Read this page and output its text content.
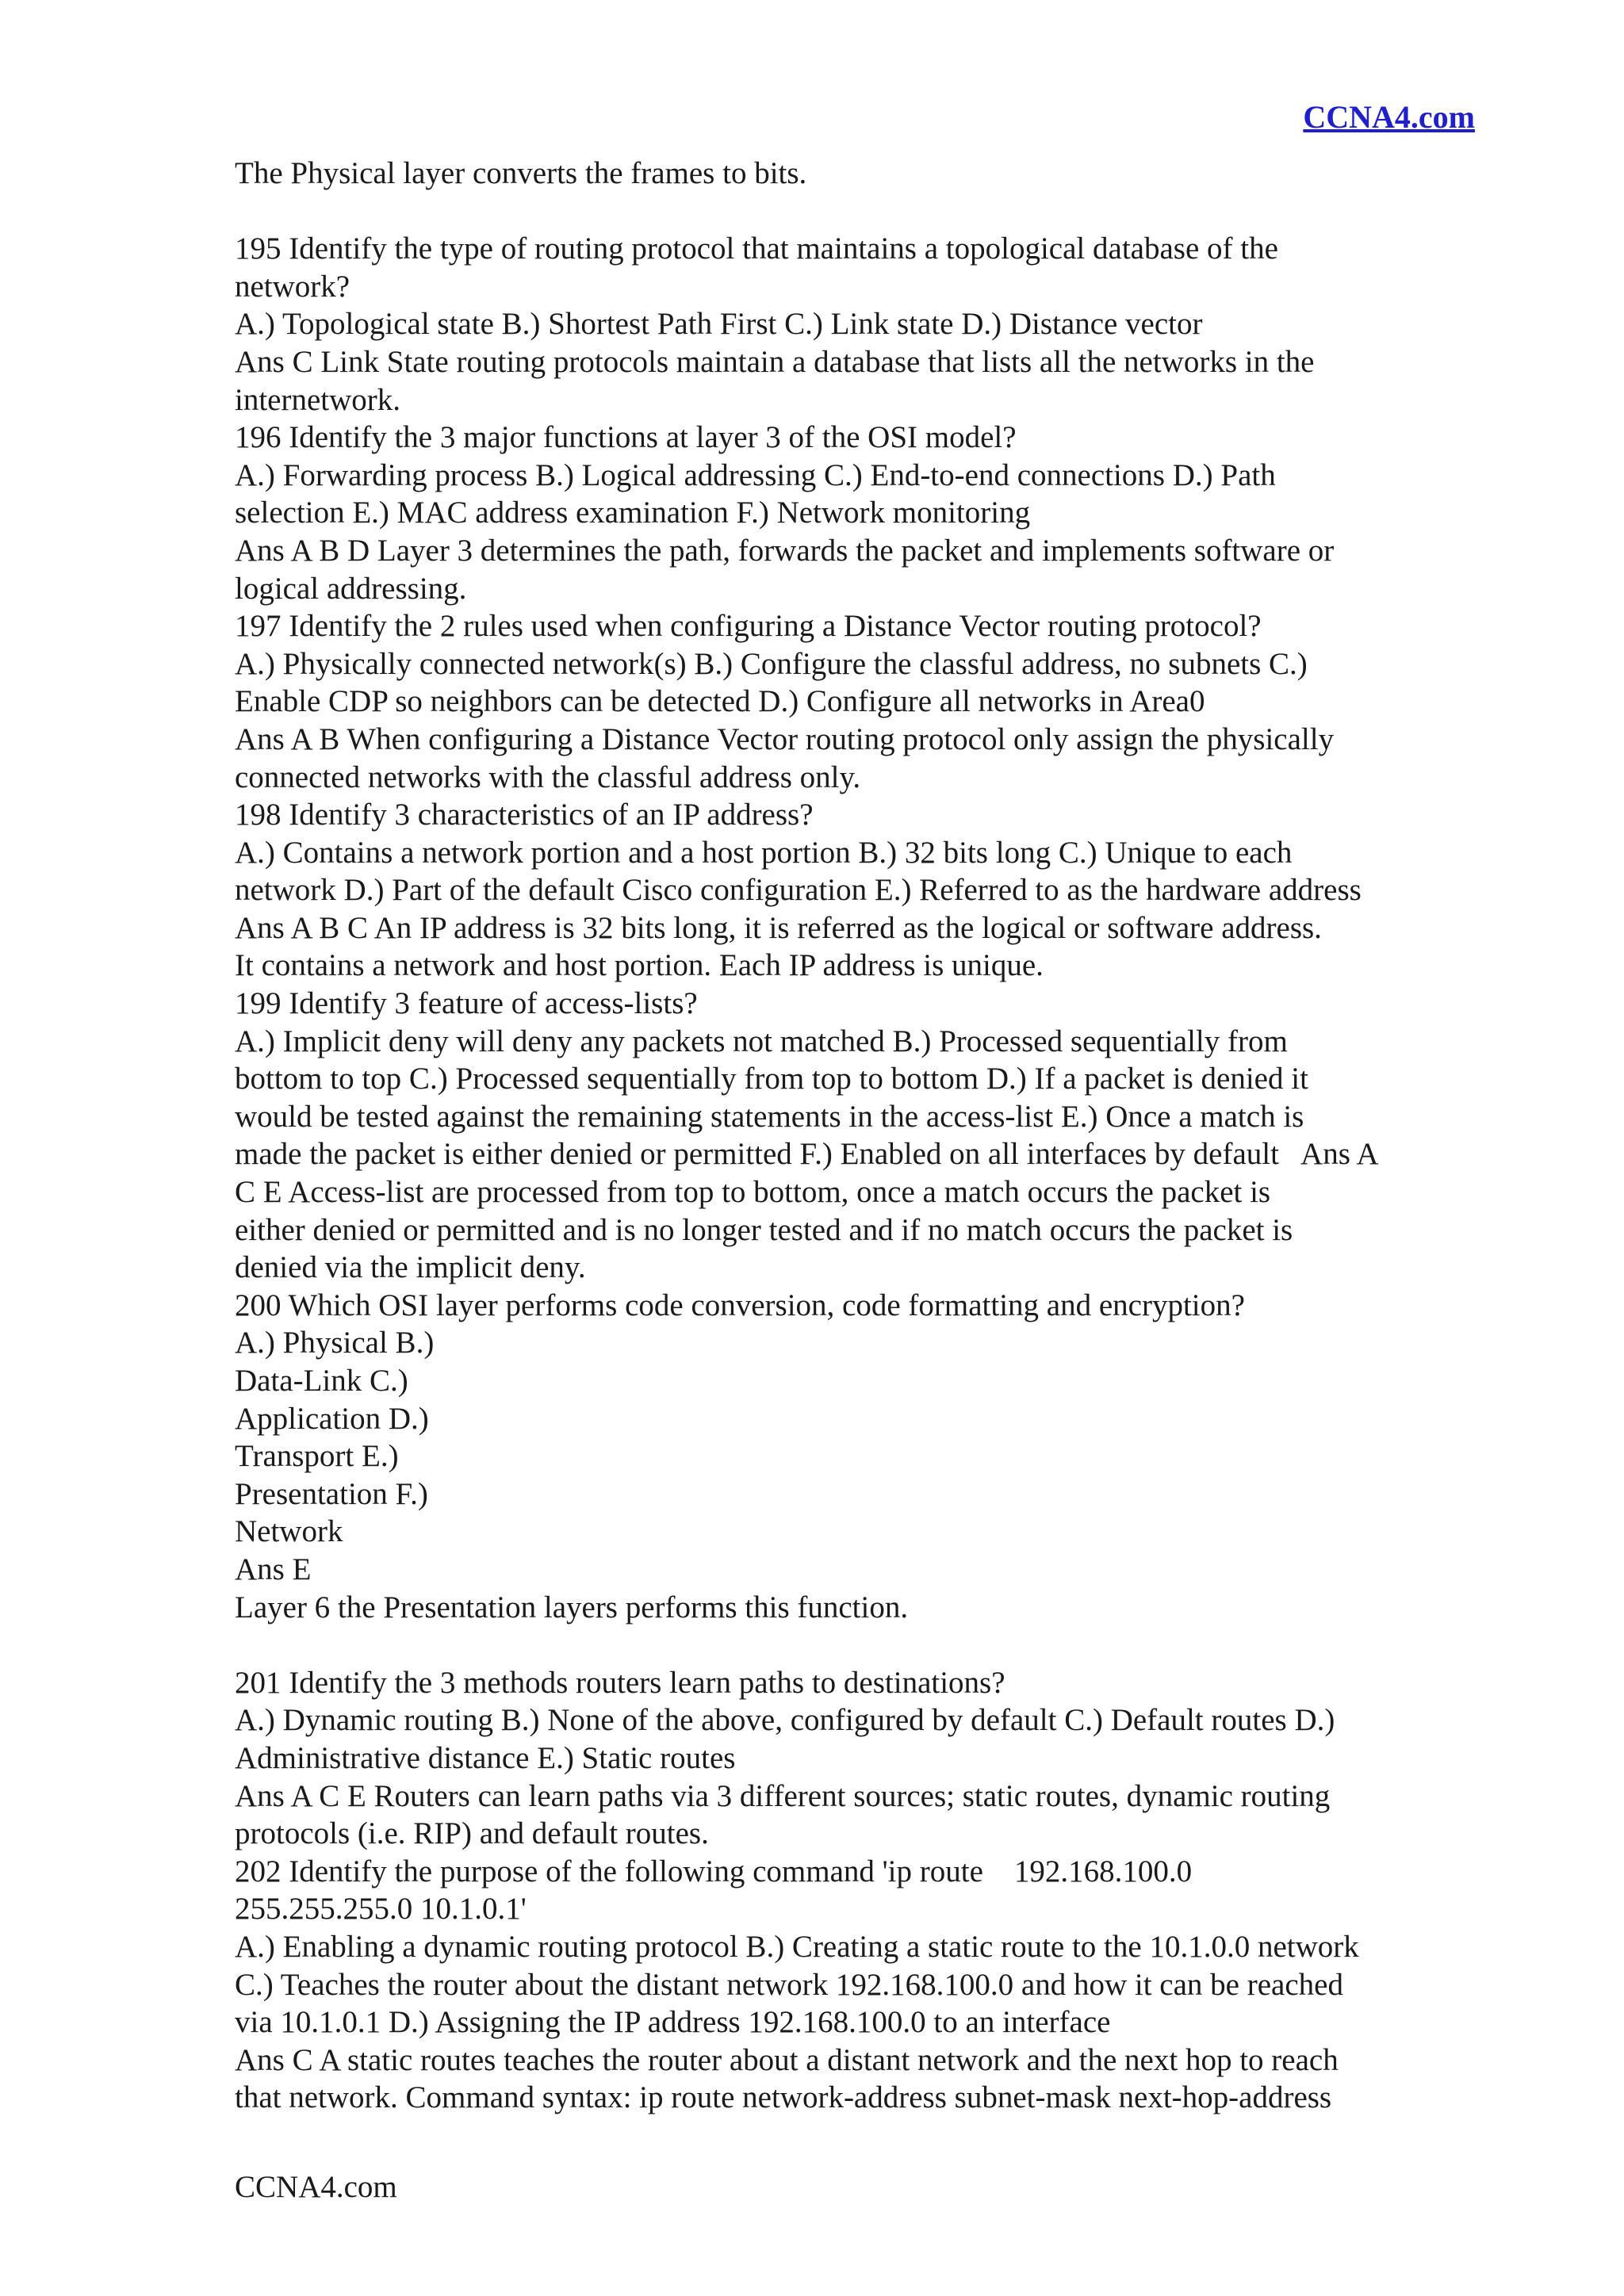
CCNA4.com
The Physical layer converts the frames to bits.
195 Identify the type of routing protocol that maintains a topological database of the
network?
A.) Topological state B.) Shortest Path First C.) Link state D.) Distance vector
Ans C Link State routing protocols maintain a database that lists all the networks in the
internetwork.
196 Identify the 3 major functions at layer 3 of the OSI model?
A.) Forwarding process B.) Logical addressing C.) End-to-end connections D.) Path
selection E.) MAC address examination F.) Network monitoring
Ans A B D Layer 3 determines the path, forwards the packet and implements software or
logical addressing.
197 Identify the 2 rules used when configuring a Distance Vector routing protocol?
A.) Physically connected network(s) B.) Configure the classful address, no subnets C.)
Enable CDP so neighbors can be detected D.) Configure all networks in Area0
Ans A B When configuring a Distance Vector routing protocol only assign the physically
connected networks with the classful address only.
198 Identify 3 characteristics of an IP address?
A.) Contains a network portion and a host portion B.) 32 bits long C.) Unique to each
network D.) Part of the default Cisco configuration E.) Referred to as the hardware address
Ans A B C An IP address is 32 bits long, it is referred as the logical or software address.
It contains a network and host portion. Each IP address is unique.
199 Identify 3 feature of access-lists?
A.) Implicit deny will deny any packets not matched B.) Processed sequentially from
bottom to top C.) Processed sequentially from top to bottom D.) If a packet is denied it
would be tested against the remaining statements in the access-list E.) Once a match is
made the packet is either denied or permitted F.) Enabled on all interfaces by default   Ans A
C E Access-list are processed from top to bottom, once a match occurs the packet is
either denied or permitted and is no longer tested and if no match occurs the packet is
denied via the implicit deny.
200 Which OSI layer performs code conversion, code formatting and encryption?
A.) Physical B.)
Data-Link C.)
Application D.)
Transport E.)
Presentation F.)
Network
Ans E
Layer 6 the Presentation layers performs this function.
201 Identify the 3 methods routers learn paths to destinations?
A.) Dynamic routing B.) None of the above, configured by default C.) Default routes D.)
Administrative distance E.) Static routes
Ans A C E Routers can learn paths via 3 different sources; static routes, dynamic routing
protocols (i.e. RIP) and default routes.
202 Identify the purpose of the following command 'ip route    192.168.100.0
255.255.255.0 10.1.0.1'
A.) Enabling a dynamic routing protocol B.) Creating a static route to the 10.1.0.0 network
C.) Teaches the router about the distant network 192.168.100.0 and how it can be reached
via 10.1.0.1 D.) Assigning the IP address 192.168.100.0 to an interface
Ans C A static routes teaches the router about a distant network and the next hop to reach
that network. Command syntax: ip route network-address subnet-mask next-hop-address
CCNA4.com
